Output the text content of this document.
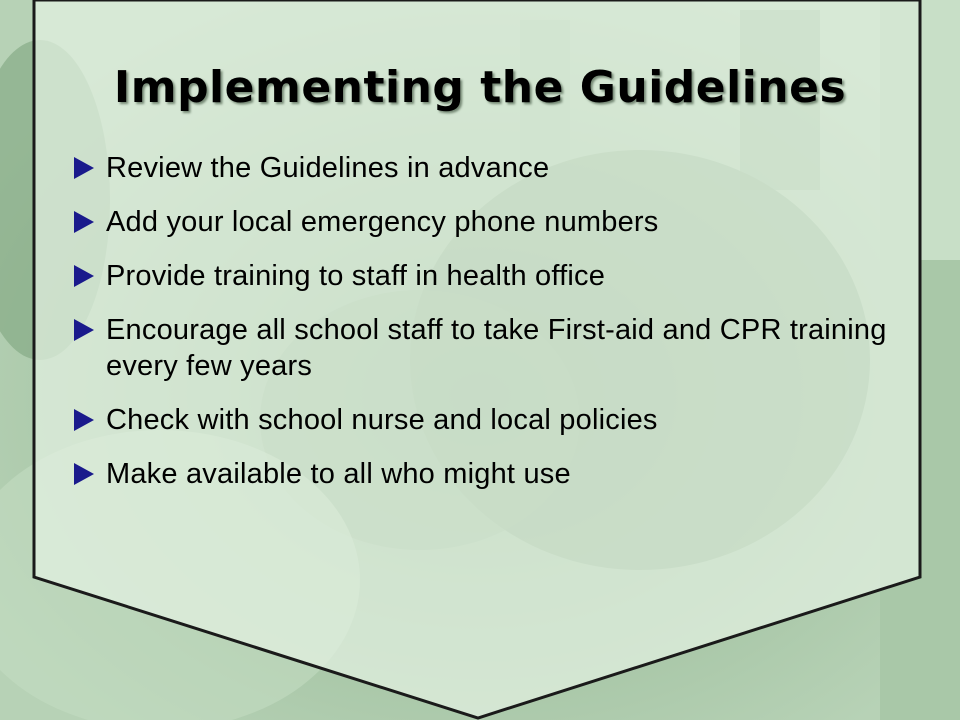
Implementing the Guidelines
Review the Guidelines in advance
Add your local emergency phone numbers
Provide training to staff in health office
Encourage all school staff to take First-aid and CPR training every few years
Check with school nurse and local policies
Make available to all who might use
